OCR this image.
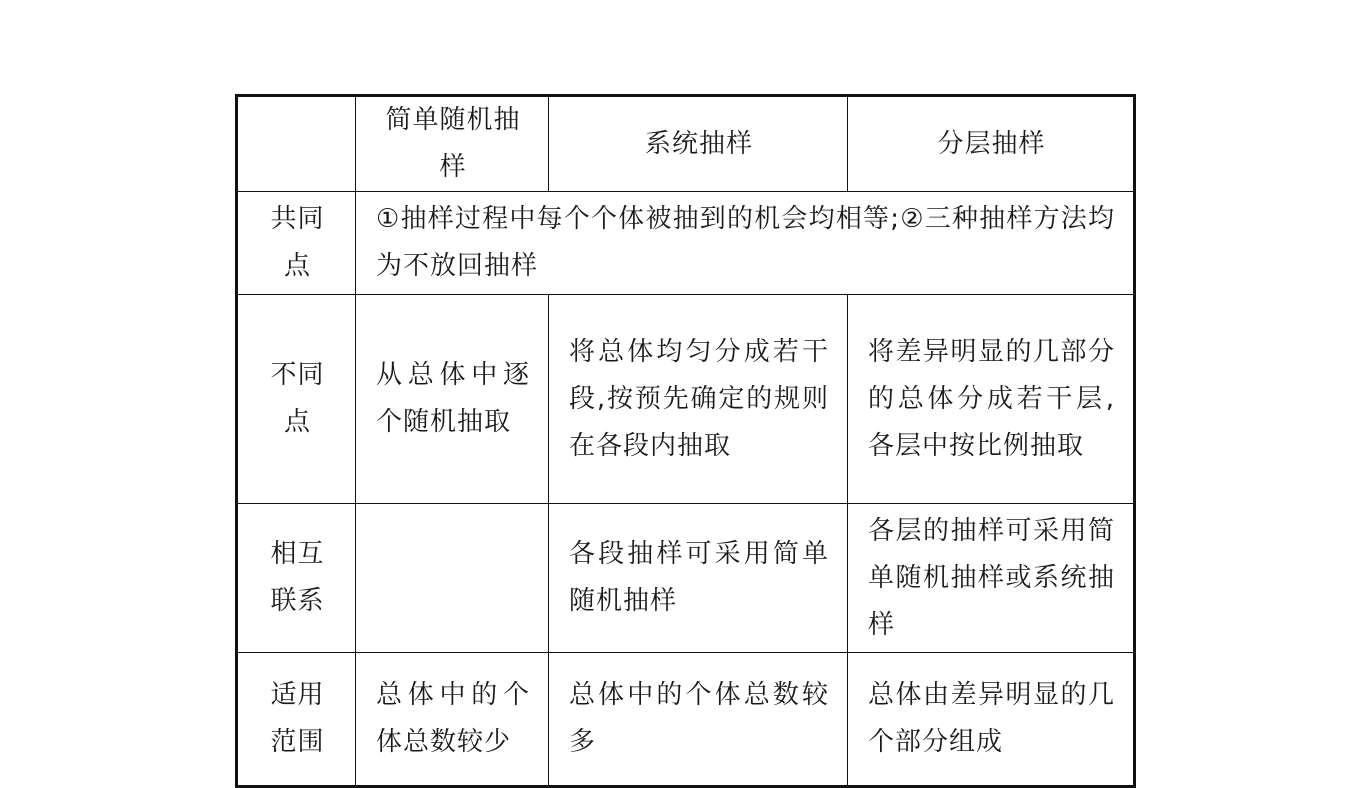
	简单随机抽样	系统抽样	分层抽样
共同点	①抽样过程中每个个体被抽到的机会均相等;②三种抽样方法均为不放回抽样		
不同点	从总体中逐个随机抽取	将总体均匀分成若干段,按预先确定的规则在各段内抽取	将差异明显的几部分的总体分成若干层,各层中按比例抽取

相互联系		各段抽样可采用简单随机抽样	各层的抽样可采用简单随机抽样或系统抽样

适用范围	总体中的个体总数较少	总体中的个体总数较多	总体由差异明显的几个部分组成
